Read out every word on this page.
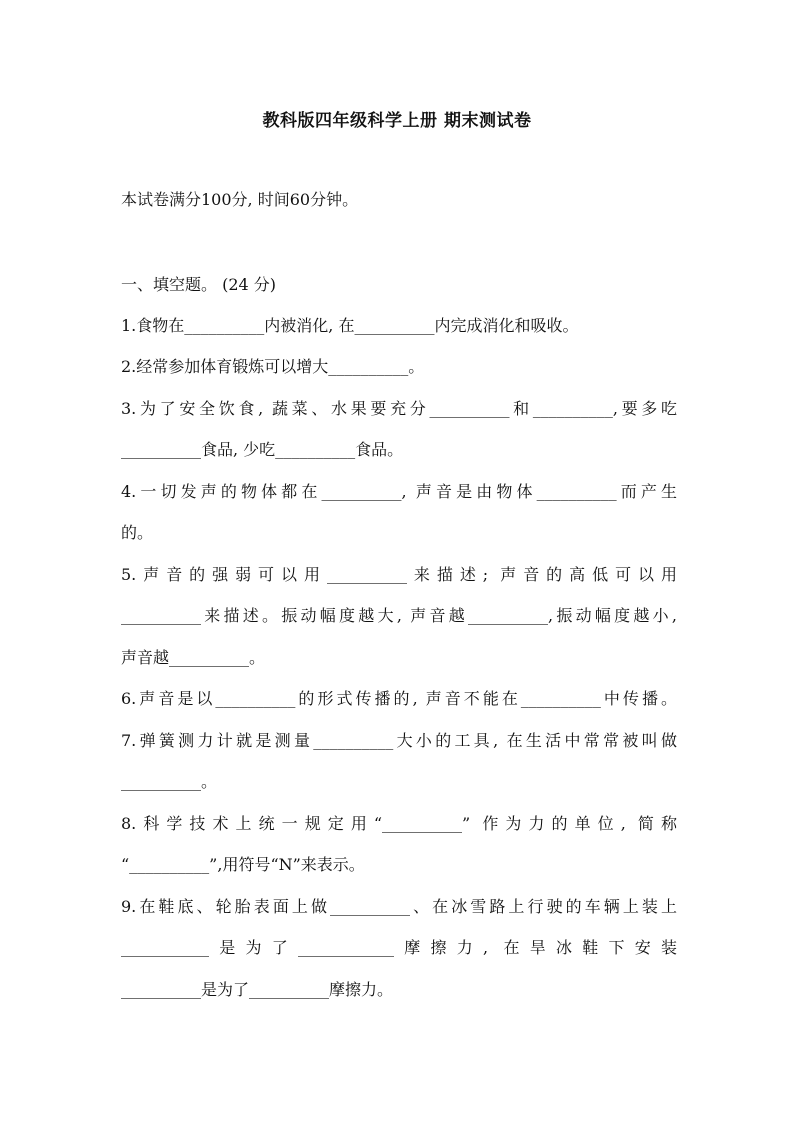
教科版四年级科学上册 期末测试卷
本试卷满分100分, 时间60分钟。
一、填空题。 (24 分)
1.食物在__________内被消化, 在__________内完成消化和吸收。
2.经常参加体育锻炼可以增大__________。
3.为了安全饮食, 蔬菜、水果要充分__________和__________,要多吃
__________食品, 少吃__________食品。
4.一切发声的物体都在__________, 声音是由物体__________而产生
的。
5.声音的强弱可以用__________来描述; 声音的高低可以用
__________来描述。振动幅度越大, 声音越__________,振动幅度越小,
声音越__________。
6.声音是以__________的形式传播的, 声音不能在__________中传播。
7.弹簧测力计就是测量__________大小的工具, 在生活中常常被叫做
__________。
8.科学技术上统一规定用“__________” 作为力的单位, 简称
“__________”,用符号“N”来表示。
9.在鞋底、轮胎表面上做__________、在冰雪路上行驶的车辆上装上
___________是为了____________摩擦力, 在旱冰鞋下安装
__________是为了__________摩擦力。
